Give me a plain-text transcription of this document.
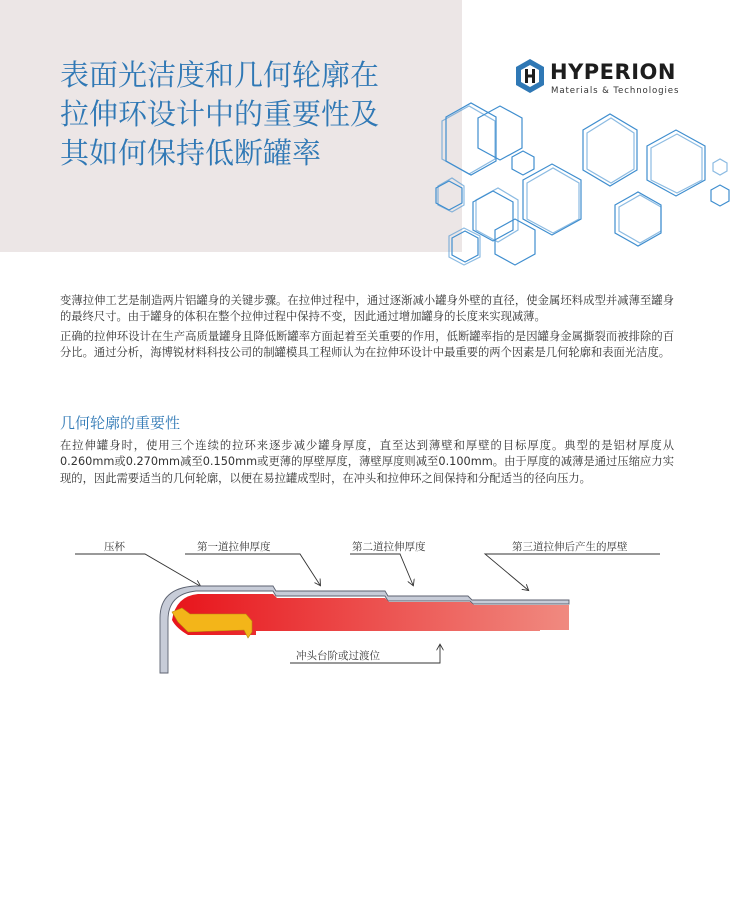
表面光洁度和几何轮廓在
拉伸环设计中的重要性及
其如何保持低断罐率
HYPERION
Materials & Technologies

变薄拉伸工艺是制造两片铝罐身的关键步骤。在拉伸过程中，通过逐渐减小罐身外壁的直径，使金属坯料成型并减薄至罐身的最终尺寸。由于罐身的体积在整个拉伸过程中保持不变，因此通过增加罐身的长度来实现减薄。

正确的拉伸环设计在生产高质量罐身且降低断罐率方面起着至关重要的作用，低断罐率指的是因罐身金属撕裂而被排除的百分比。通过分析，海博锐材料科技公司的制罐模具工程师认为在拉伸环设计中最重要的两个因素是几何轮廓和表面光洁度。

几何轮廓的重要性

在拉伸罐身时，使用三个连续的拉环来逐步减少罐身厚度，直至达到薄壁和厚壁的目标厚度。典型的是铝材厚度从0.260mm或0.270mm减至0.150mm或更薄的厚壁厚度，薄壁厚度则减至0.100mm。由于厚度的减薄是通过压缩应力实现的，因此需要适当的几何轮廓，以便在易拉罐成型时，在冲头和拉伸环之间保持和分配适当的径向压力。

压杯	第一道拉伸厚度	第二道拉伸厚度	第三道拉伸后产生的厚壁
冲头台阶或过渡位
